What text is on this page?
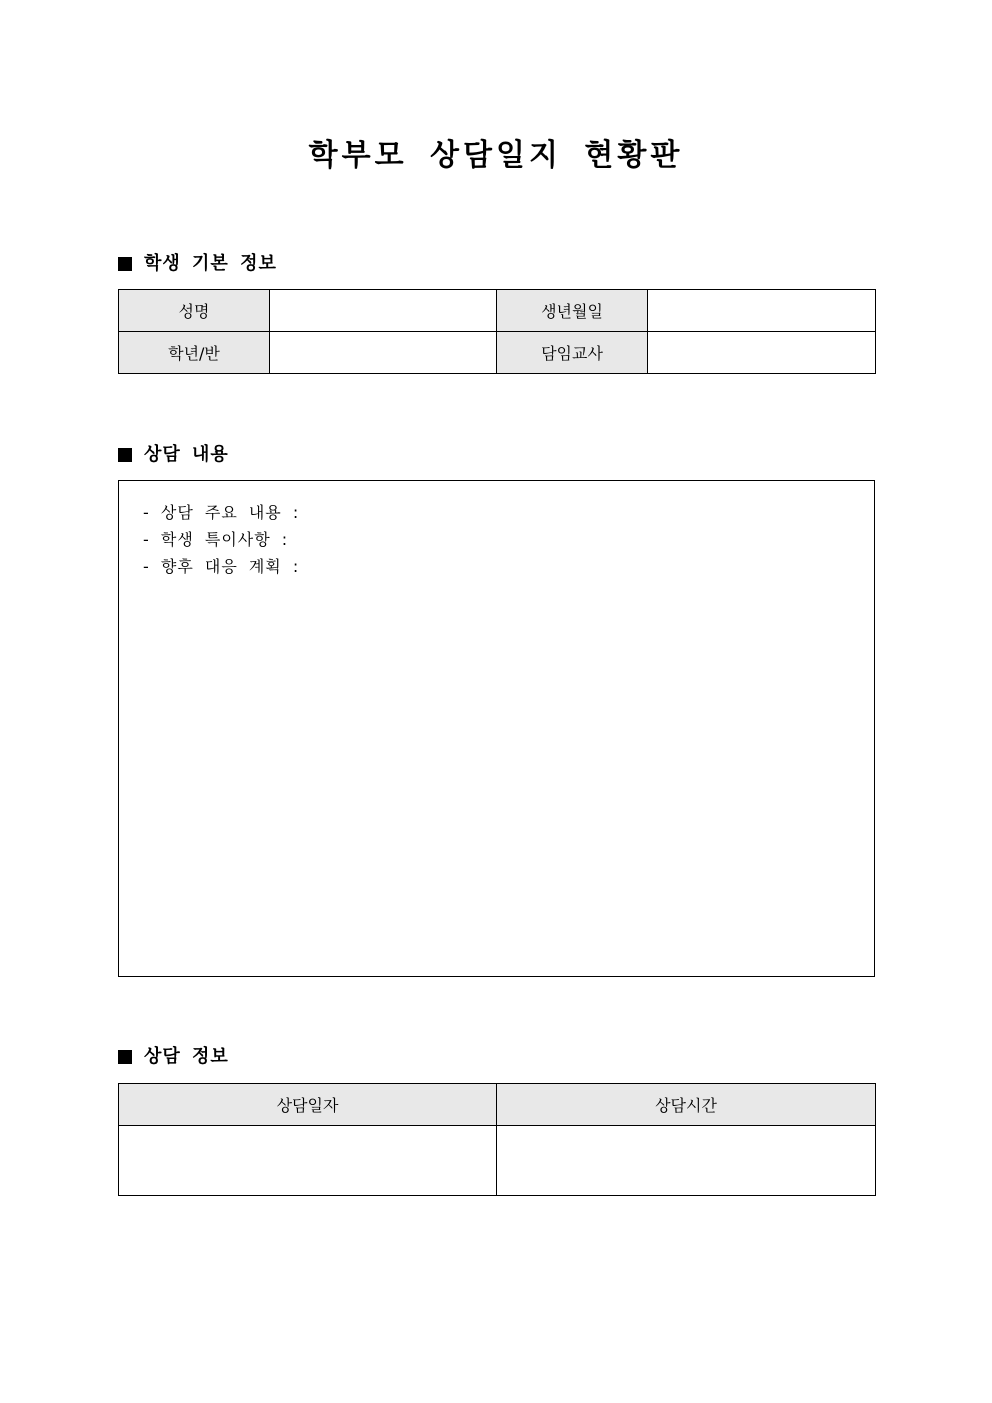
학부모 상담일지 현황판
학생 기본 정보
성명		생년월일	
학년/반		담임교사	
상담 내용
- 상담 주요 내용 :
- 학생 특이사항 :
- 향후 대응 계획 :
상담 정보
상담일자	상담시간
